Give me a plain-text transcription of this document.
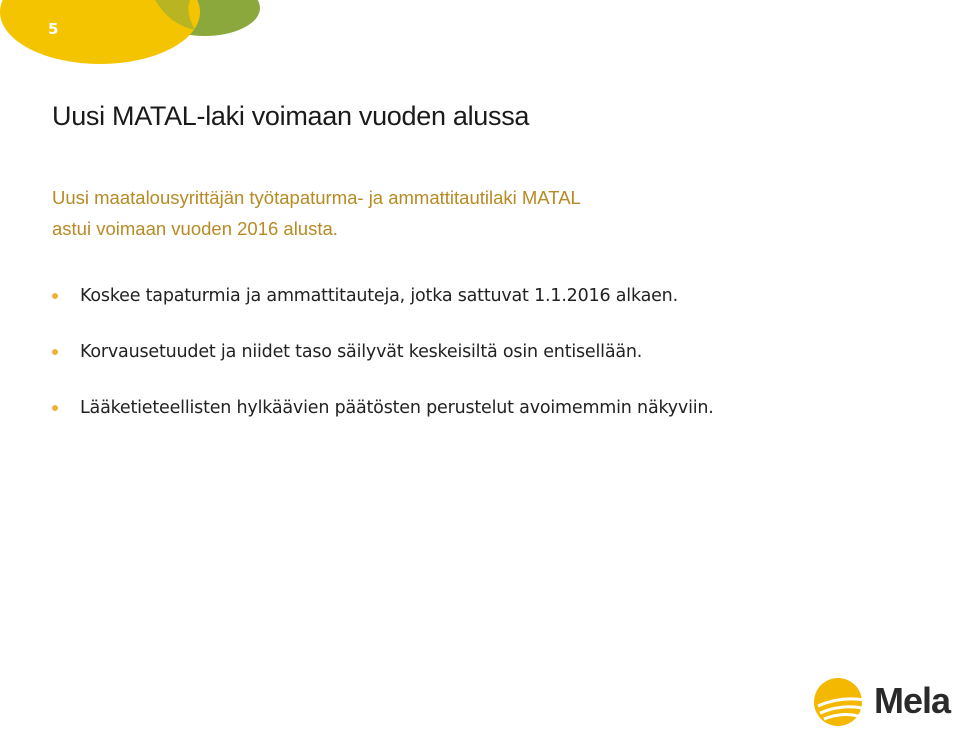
5
Uusi MATAL-laki voimaan vuoden alussa
Uusi maatalousyrittäjän työtapaturma- ja ammattitautilaki MATAL
astui voimaan vuoden 2016 alusta.
Koskee tapaturmia ja ammattitauteja, jotka sattuvat 1.1.2016 alkaen.
Korvausetuudet ja niidet taso säilyvät keskeisiltä osin entisellään.
Lääketieteellisten hylkäävien päätösten perustelut avoimemmin näkyviin.
Mela
